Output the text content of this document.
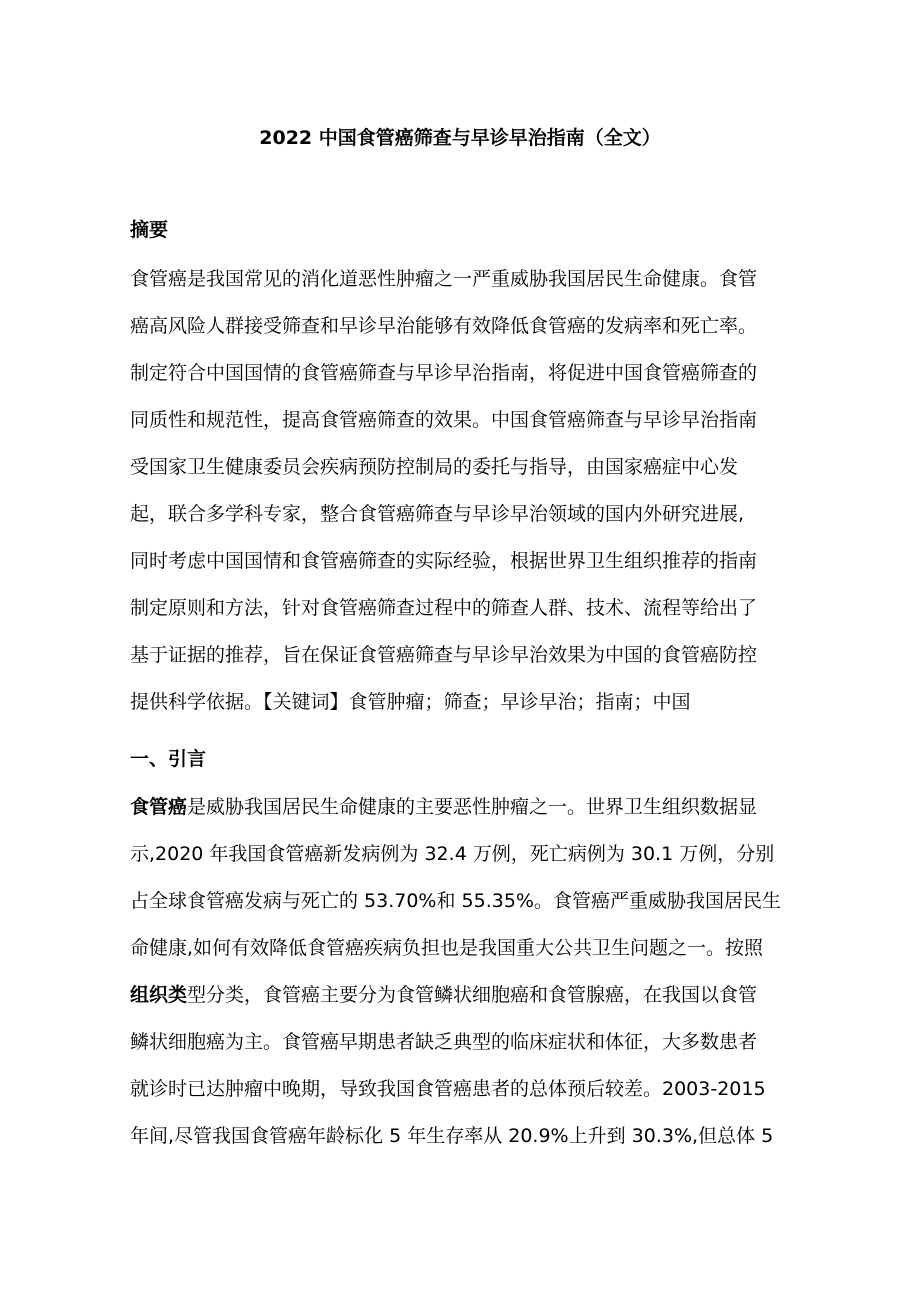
2022 中国食管癌筛查与早诊早治指南（全文）
摘要
食管癌是我国常见的消化道恶性肿瘤之一严重威胁我国居民生命健康。食管
癌高风险人群接受筛查和早诊早治能够有效降低食管癌的发病率和死亡率。
制定符合中国国情的食管癌筛查与早诊早治指南，将促进中国食管癌筛查的
同质性和规范性，提高食管癌筛查的效果。中国食管癌筛查与早诊早治指南
受国家卫生健康委员会疾病预防控制局的委托与指导，由国家癌症中心发
起，联合多学科专家，整合食管癌筛查与早诊早治领域的国内外研究进展,
同时考虑中国国情和食管癌筛查的实际经验，根据世界卫生组织推荐的指南
制定原则和方法，针对食管癌筛查过程中的筛查人群、技术、流程等给出了
基于证据的推荐，旨在保证食管癌筛查与早诊早治效果为中国的食管癌防控
提供科学依据。【关键词】食管肿瘤；筛查；早诊早治；指南；中国
一、引言
食管癌是威胁我国居民生命健康的主要恶性肿瘤之一。世界卫生组织数据显
示,2020 年我国食管癌新发病例为 32.4 万例，死亡病例为 30.1 万例，分别
占全球食管癌发病与死亡的 53.70%和 55.35%。食管癌严重威胁我国居民生
命健康,如何有效降低食管癌疾病负担也是我国重大公共卫生问题之一。按照
组织类型分类，食管癌主要分为食管鳞状细胞癌和食管腺癌，在我国以食管
鳞状细胞癌为主。食管癌早期患者缺乏典型的临床症状和体征，大多数患者
就诊时已达肿瘤中晚期，导致我国食管癌患者的总体预后较差。2003-2015
年间,尽管我国食管癌年龄标化 5 年生存率从 20.9%上升到 30.3%,但总体 5
